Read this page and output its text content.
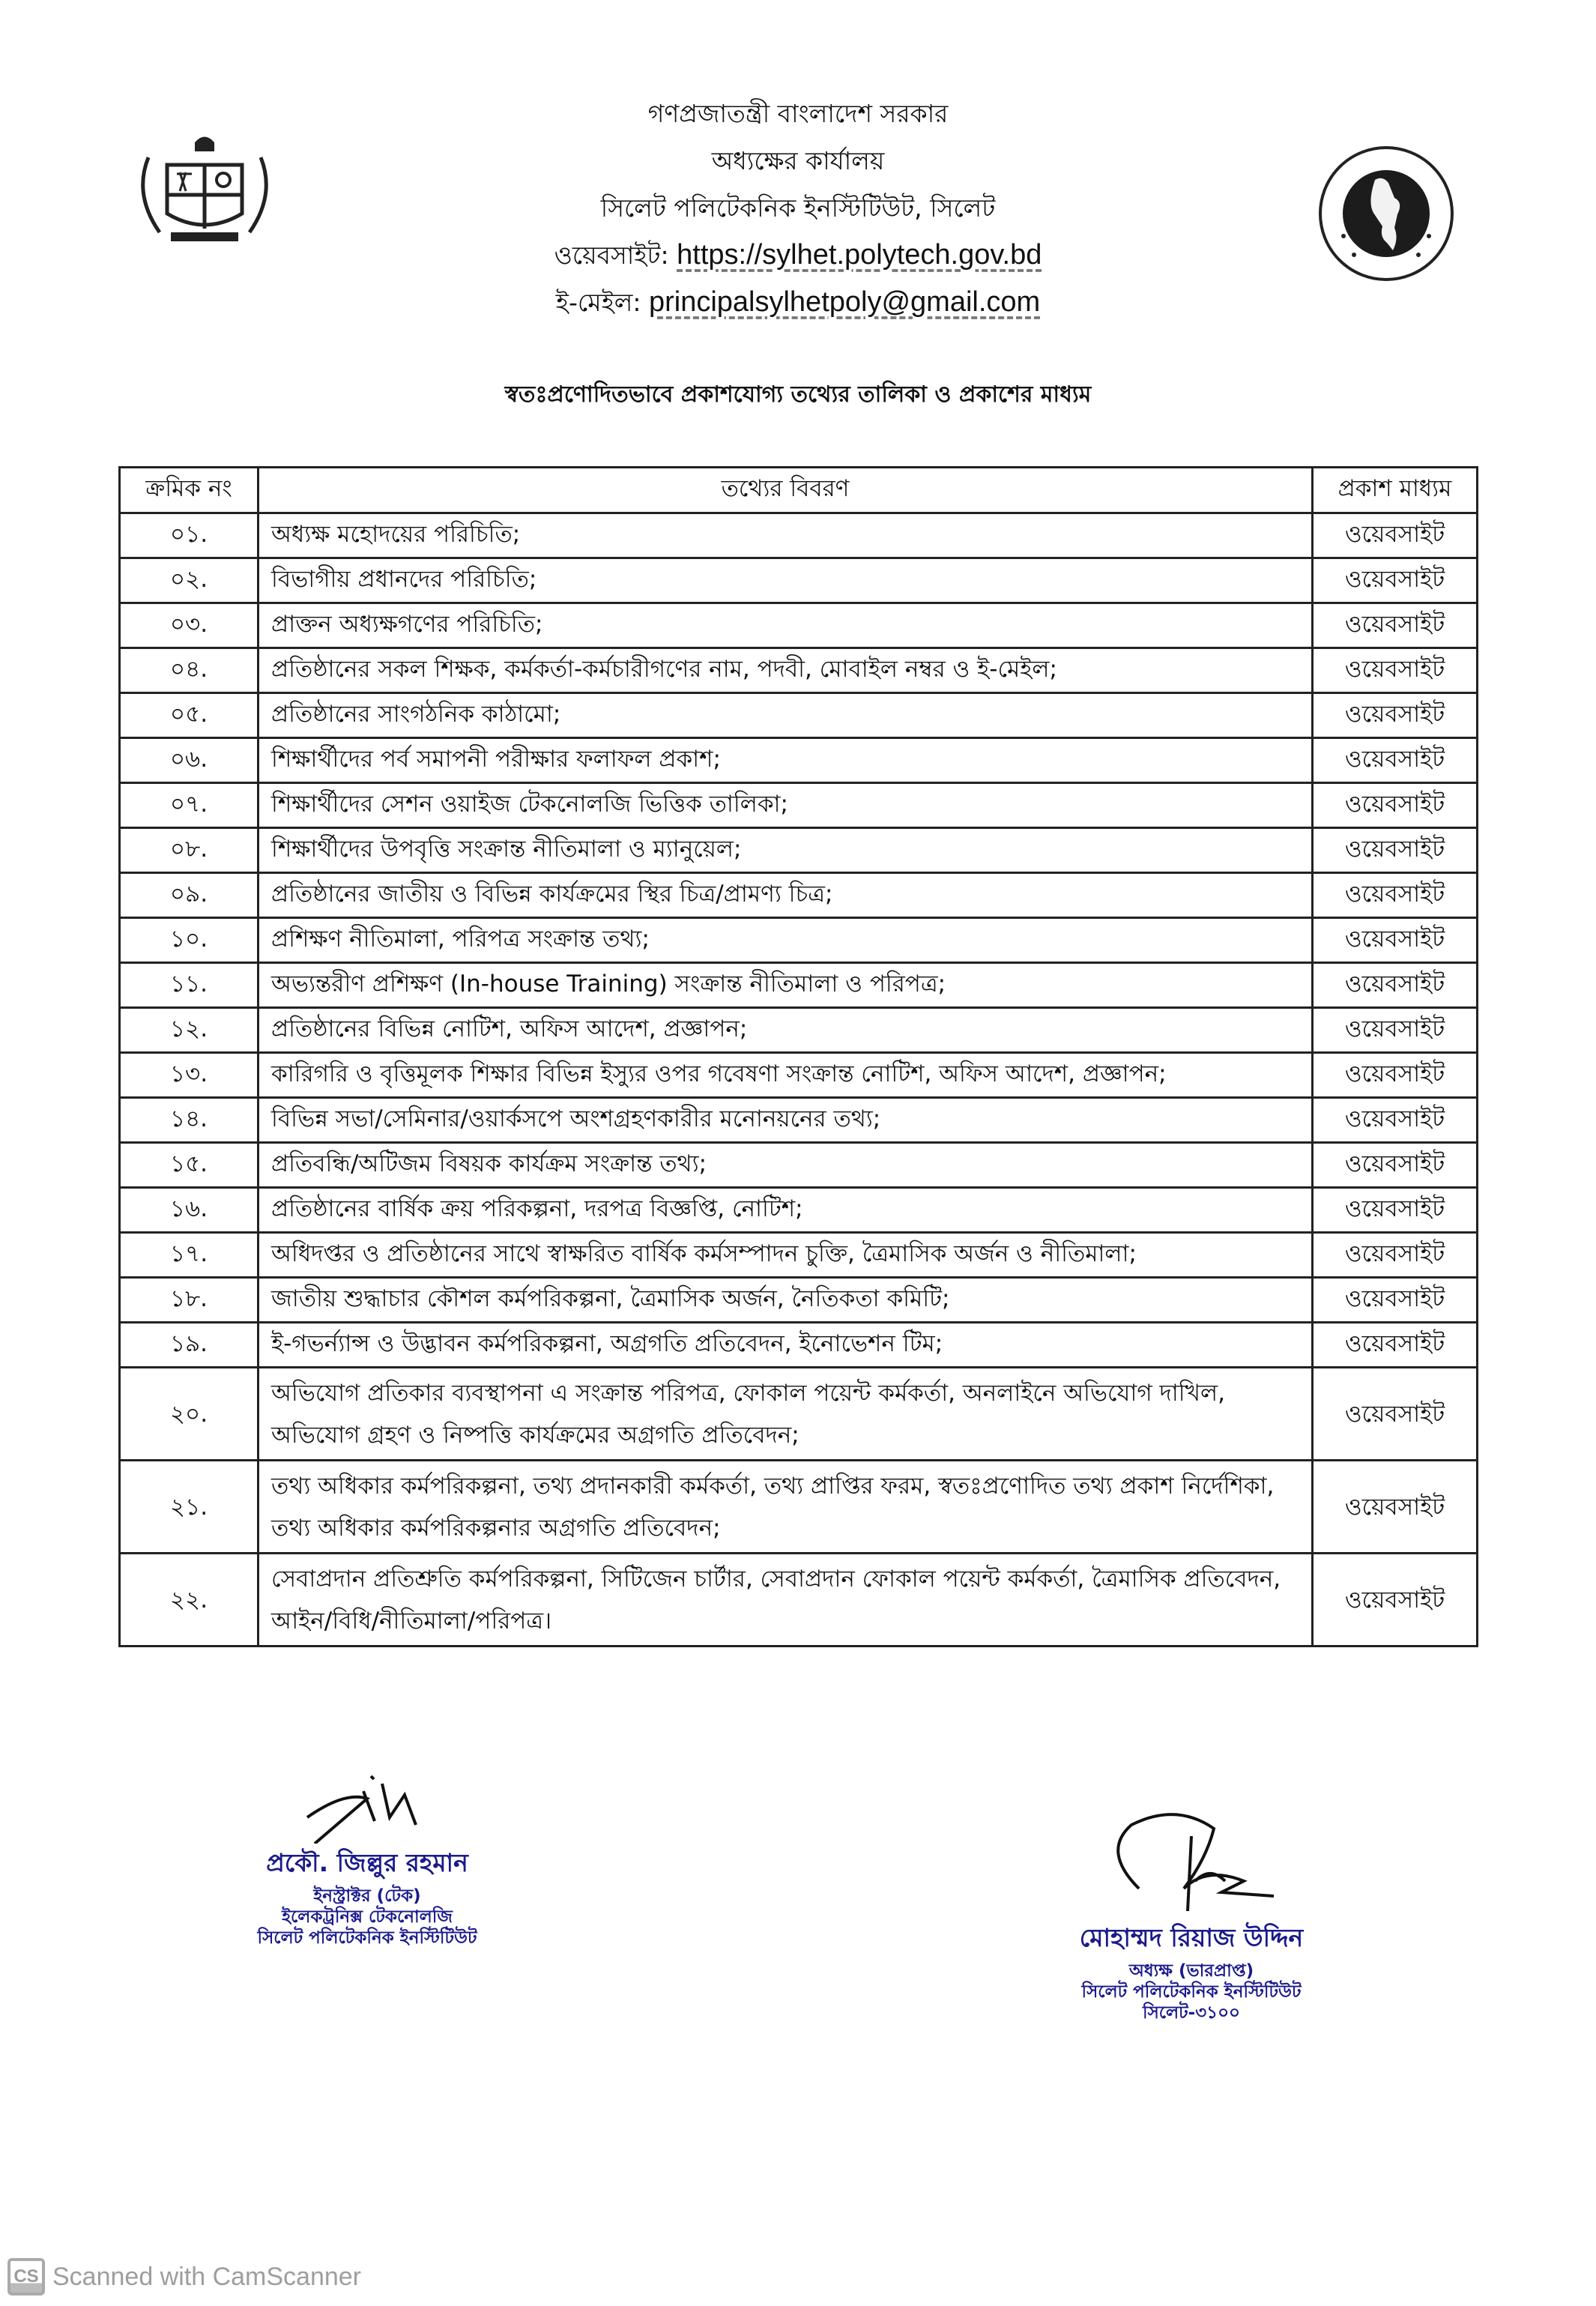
গণপ্রজাতন্ত্রী বাংলাদেশ সরকার
অধ্যক্ষের কার্যালয়
সিলেট পলিটেকনিক ইনস্টিটিউট, সিলেট
ওয়েবসাইট: https://sylhet.polytech.gov.bd
ই-মেইল: principalsylhetpoly@gmail.com
স্বতঃপ্রণোদিতভাবে প্রকাশযোগ্য তথ্যের তালিকা ও প্রকাশের মাধ্যম
ক্রমিক নং	তথ্যের বিবরণ	প্রকাশ মাধ্যম
০১.	অধ্যক্ষ মহোদয়ের পরিচিতি;	ওয়েবসাইট
০২.	বিভাগীয় প্রধানদের পরিচিতি;	ওয়েবসাইট
০৩.	প্রাক্তন অধ্যক্ষগণের পরিচিতি;	ওয়েবসাইট
০৪.	প্রতিষ্ঠানের সকল শিক্ষক, কর্মকর্তা-কর্মচারীগণের নাম, পদবী, মোবাইল নম্বর ও ই-মেইল;	ওয়েবসাইট
০৫.	প্রতিষ্ঠানের সাংগঠনিক কাঠামো;	ওয়েবসাইট
০৬.	শিক্ষার্থীদের পর্ব সমাপনী পরীক্ষার ফলাফল প্রকাশ;	ওয়েবসাইট
০৭.	শিক্ষার্থীদের সেশন ওয়াইজ টেকনোলজি ভিত্তিক তালিকা;	ওয়েবসাইট
০৮.	শিক্ষার্থীদের উপবৃত্তি সংক্রান্ত নীতিমালা ও ম্যানুয়েল;	ওয়েবসাইট
০৯.	প্রতিষ্ঠানের জাতীয় ও বিভিন্ন কার্যক্রমের স্থির চিত্র/প্রামণ্য চিত্র;	ওয়েবসাইট
১০.	প্রশিক্ষণ নীতিমালা, পরিপত্র সংক্রান্ত তথ্য;	ওয়েবসাইট
১১.	অভ্যন্তরীণ প্রশিক্ষণ (In-house Training) সংক্রান্ত নীতিমালা ও পরিপত্র;	ওয়েবসাইট
১২.	প্রতিষ্ঠানের বিভিন্ন নোটিশ, অফিস আদেশ, প্রজ্ঞাপন;	ওয়েবসাইট
১৩.	কারিগরি ও বৃত্তিমূলক শিক্ষার বিভিন্ন ইস্যুর ওপর গবেষণা সংক্রান্ত নোটিশ, অফিস আদেশ, প্রজ্ঞাপন;	ওয়েবসাইট
১৪.	বিভিন্ন সভা/সেমিনার/ওয়ার্কসপে অংশগ্রহণকারীর মনোনয়নের তথ্য;	ওয়েবসাইট
১৫.	প্রতিবন্ধি/অটিজম বিষয়ক কার্যক্রম সংক্রান্ত তথ্য;	ওয়েবসাইট
১৬.	প্রতিষ্ঠানের বার্ষিক ক্রয় পরিকল্পনা, দরপত্র বিজ্ঞপ্তি, নোটিশ;	ওয়েবসাইট
১৭.	অধিদপ্তর ও প্রতিষ্ঠানের সাথে স্বাক্ষরিত বার্ষিক কর্মসম্পাদন চুক্তি, ত্রৈমাসিক অর্জন ও নীতিমালা;	ওয়েবসাইট
১৮.	জাতীয় শুদ্ধাচার কৌশল কর্মপরিকল্পনা, ত্রৈমাসিক অর্জন, নৈতিকতা কমিটি;	ওয়েবসাইট
১৯.	ই-গভর্ন্যান্স ও উদ্ভাবন কর্মপরিকল্পনা, অগ্রগতি প্রতিবেদন, ইনোভেশন টিম;	ওয়েবসাইট
২০.	অভিযোগ প্রতিকার ব্যবস্থাপনা এ সংক্রান্ত পরিপত্র, ফোকাল পয়েন্ট কর্মকর্তা, অনলাইনে অভিযোগ দাখিল, অভিযোগ গ্রহণ ও নিষ্পত্তি কার্যক্রমের অগ্রগতি প্রতিবেদন;	ওয়েবসাইট
২১.	তথ্য অধিকার কর্মপরিকল্পনা, তথ্য প্রদানকারী কর্মকর্তা, তথ্য প্রাপ্তির ফরম, স্বতঃপ্রণোদিত তথ্য প্রকাশ নির্দেশিকা, তথ্য অধিকার কর্মপরিকল্পনার অগ্রগতি প্রতিবেদন;	ওয়েবসাইট
২২.	সেবাপ্রদান প্রতিশ্রুতি কর্মপরিকল্পনা, সিটিজেন চার্টার, সেবাপ্রদান ফোকাল পয়েন্ট কর্মকর্তা, ত্রৈমাসিক প্রতিবেদন, আইন/বিধি/নীতিমালা/পরিপত্র।	ওয়েবসাইট
প্রকৌ. জিল্লুর রহমান
ইনস্ট্রাক্টর (টেক)
ইলেকট্রনিক্স টেকনোলজি
সিলেট পলিটেকনিক ইনস্টিটিউট	মোহাম্মদ রিয়াজ উদ্দিন
অধ্যক্ষ (ভারপ্রাপ্ত)
সিলেট পলিটেকনিক ইনস্টিটিউট
সিলেট-৩১০০
CS Scanned with CamScanner
